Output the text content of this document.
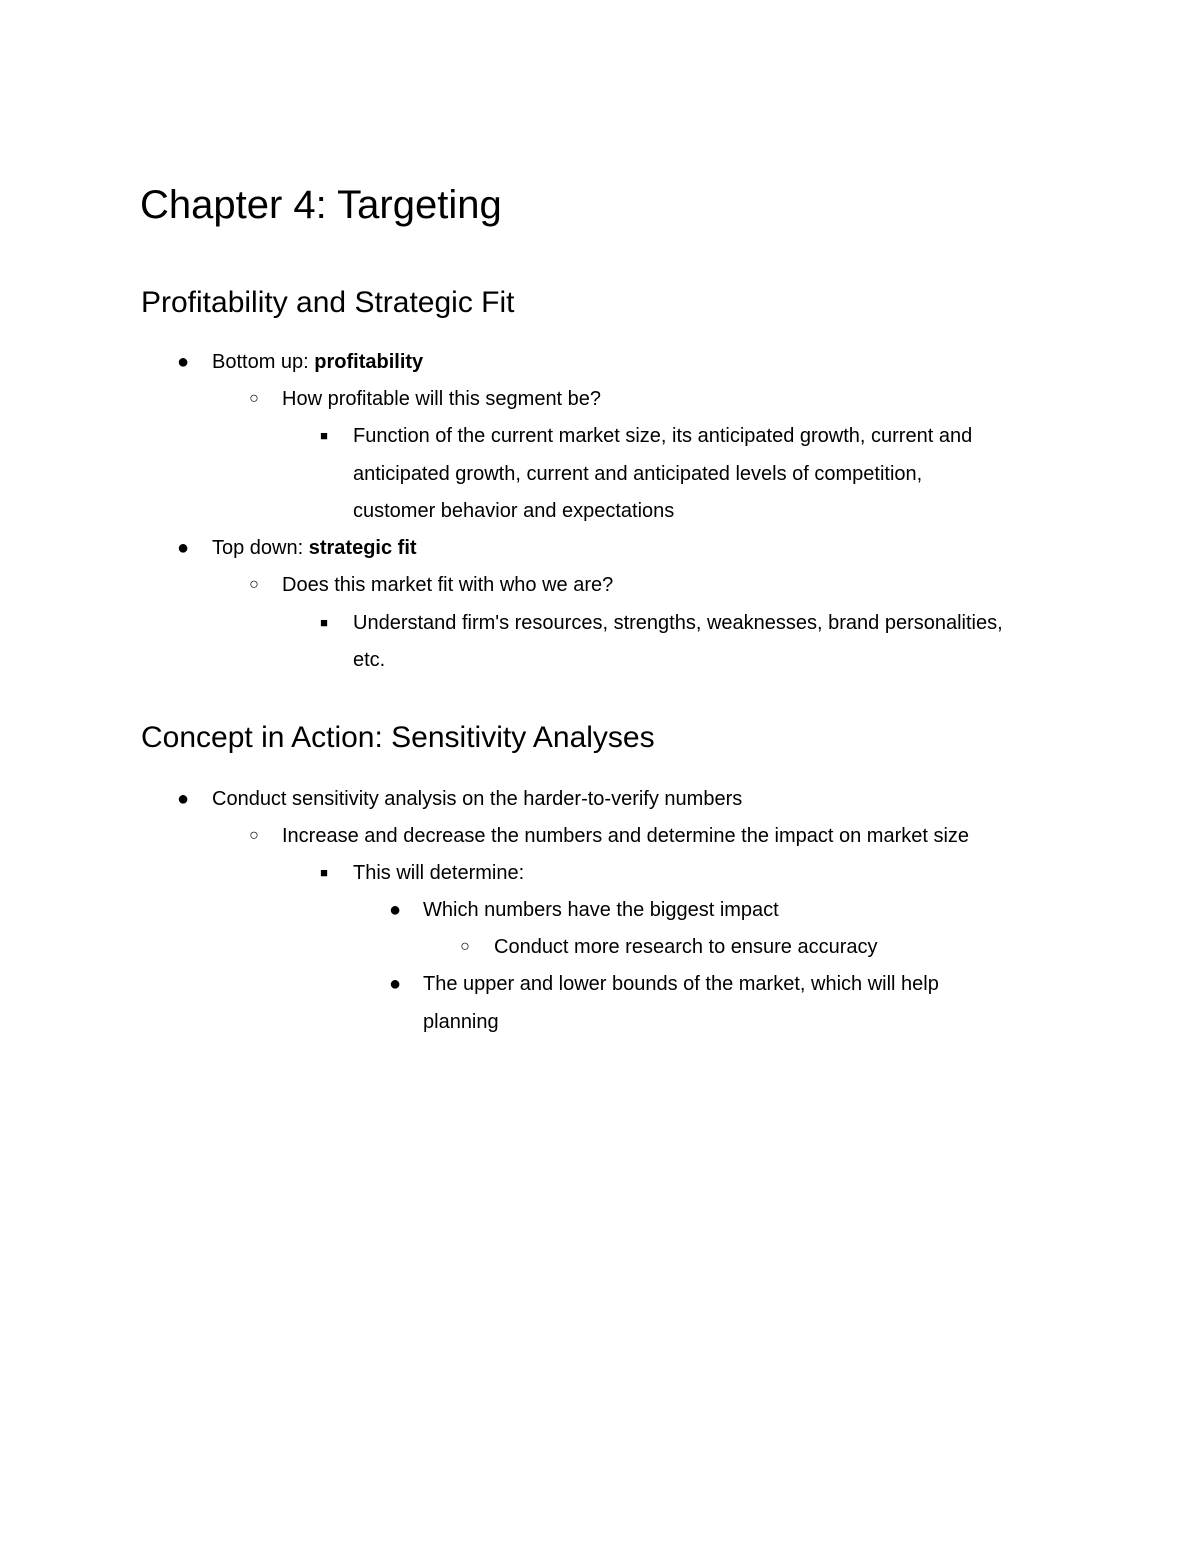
Chapter 4: Targeting
Profitability and Strategic Fit
● Bottom up: profitability
○ How profitable will this segment be?
■	Function of the current market size, its anticipated growth, current and
anticipated growth, current and anticipated levels of competition,
customer behavior and expectations
● Top down: strategic fit
○ Does this market fit with who we are?
■	Understand firm's resources, strengths, weaknesses, brand personalities,
etc.
Concept in Action: Sensitivity Analyses
● Conduct sensitivity analysis on the harder-to-verify numbers
○ Increase and decrease the numbers and determine the impact on market size
■	This will determine:
● Which numbers have the biggest impact
○ Conduct more research to ensure accuracy
● The upper and lower bounds of the market, which will help
planning
